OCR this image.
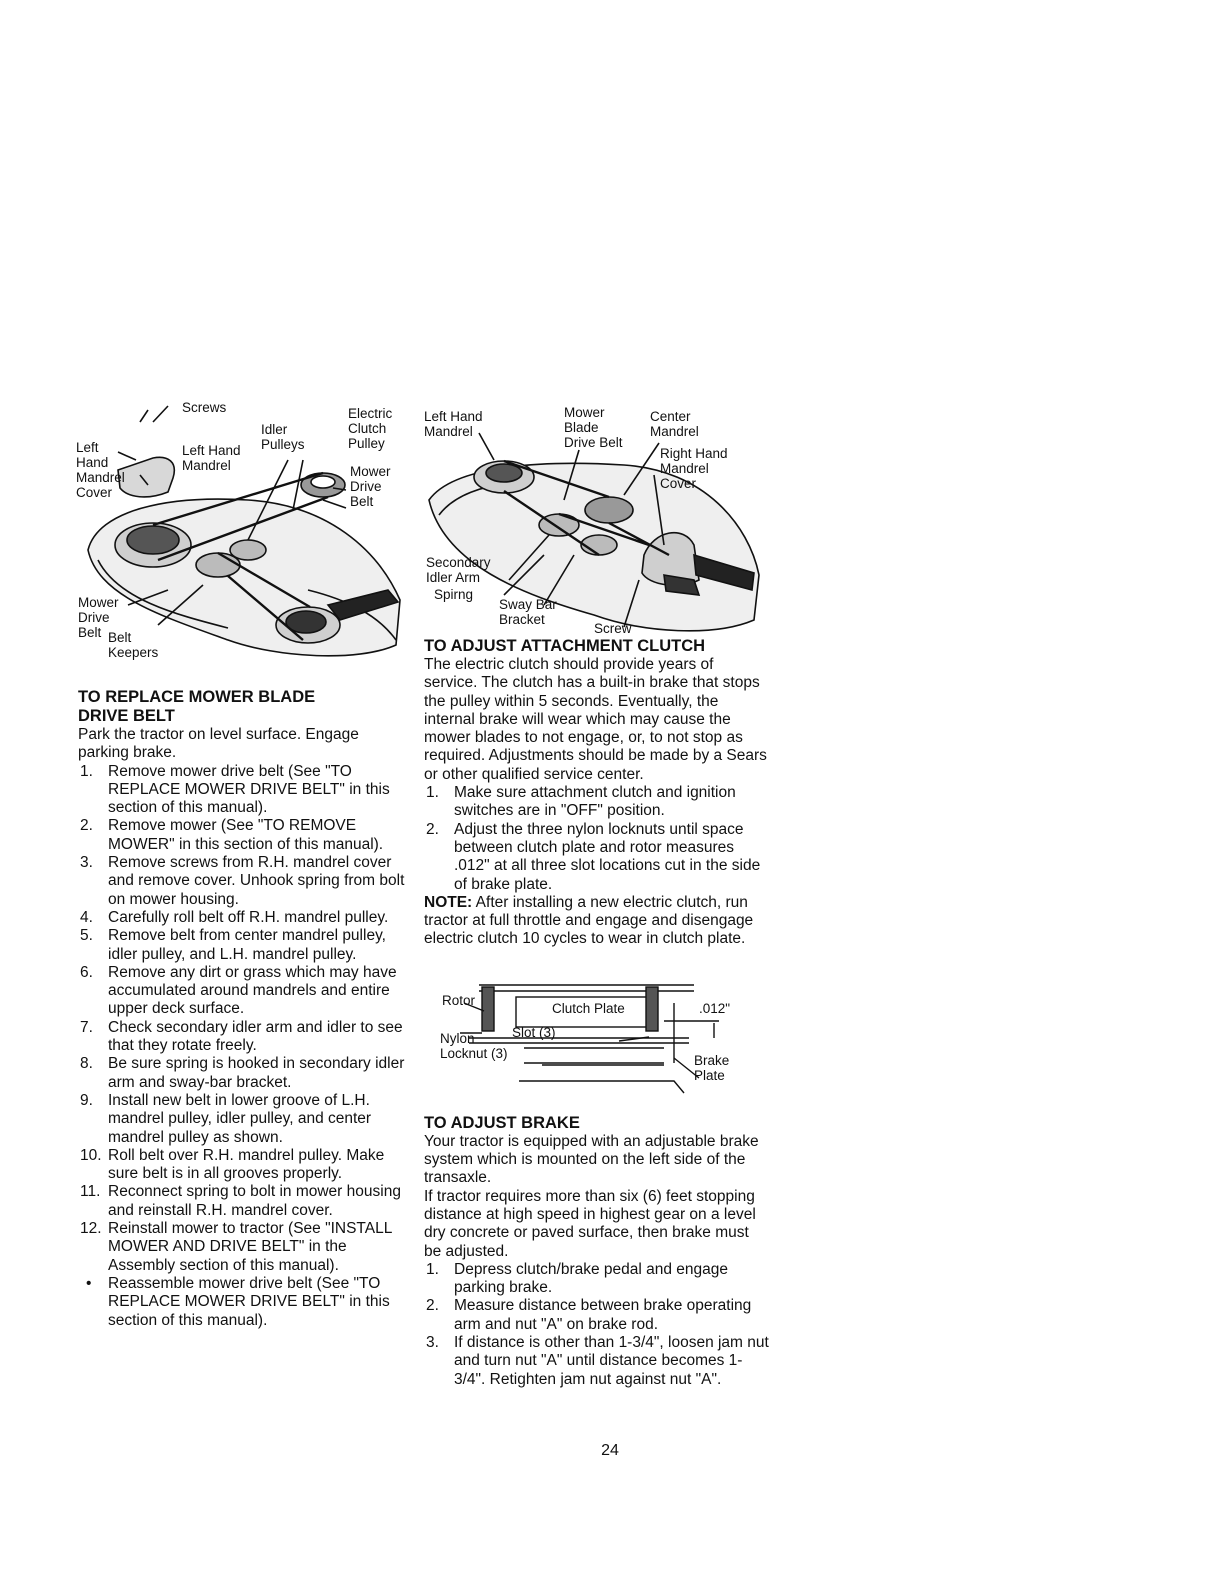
Screws	Electric
Clutch
Pulley
Idler
Pulleys
Left
Hand
Mandrel
Cover
Left Hand
Mandrel	Mower
Drive
Belt
Mower
Drive
Belt Belt
Keepers
TO REPLACE MOWER BLADE DRIVE BELT

Park the tractor on level surface. Engage parking brake.

1. Remove mower drive belt (See "TO REPLACE MOWER DRIVE BELT" in this section of this manual).
2. Remove mower (See "TO REMOVE MOWER" in this section of this manual).
3. Remove screws from R.H. mandrel cover and remove cover. Unhook spring from bolt on mower housing.
4. Carefully roll belt off R.H. mandrel pulley.
5. Remove belt from center mandrel pulley, idler pulley, and L.H. mandrel pulley.
6. Remove any dirt or grass which may have accumulated around mandrels and entire upper deck surface.
7. Check secondary idler arm and idler to see that they rotate freely.
8. Be sure spring is hooked in secondary idler arm and sway-bar bracket.
9. Install new belt in lower groove of L.H. mandrel pulley, idler pulley, and center mandrel pulley as shown.
10. Roll belt over R.H. mandrel pulley. Make sure belt is in all grooves properly.
11. Reconnect spring to bolt in mower housing and reinstall R.H. mandrel cover.
12. Reinstall mower to tractor (See "INSTALL MOWER AND DRIVE BELT" in the Assembly section of this manual).
• Reassemble mower drive belt (See "TO REPLACE MOWER DRIVE BELT" in this section of this manual).
Left Hand
Mandrel
Mower
Blade
Drive Belt
Center
Mandrel
Right Hand
Mandrel
Cover
Secondary
Idler Arm
Spirng
Sway Bar
Bracket
Screw
TO ADJUST ATTACHMENT CLUTCH

The electric clutch should provide years of service. The clutch has a built-in brake that stops the pulley within 5 seconds. Eventually, the internal brake will wear which may cause the mower blades to not engage, or, to not stop as required. Adjustments should be made by a Sears or other qualified service center.

1. Make sure attachment clutch and ignition switches are in "OFF" position.
2. Adjust the three nylon locknuts until space between clutch plate and rotor measures .012" at all three slot locations cut in the side of brake plate.

NOTE: After installing a new electric clutch, run tractor at full throttle and engage and disengage electric clutch 10 cycles to wear in clutch plate.

Rotor
Clutch Plate	.012"
Nylon
Locknut (3)
Slot (3)
Brake
Plate
TO ADJUST BRAKE

Your tractor is equipped with an adjustable brake system which is mounted on the left side of the transaxle.

If tractor requires more than six (6) feet stopping distance at high speed in highest gear on a level dry concrete or paved surface, then brake must be adjusted.

1. Depress clutch/brake pedal and engage parking brake.
2. Measure distance between brake operating arm and nut "A" on brake rod.
3. If distance is other than 1-3/4", loosen jam nut and turn nut "A" until distance becomes 1-3/4". Retighten jam nut against nut "A".
24
